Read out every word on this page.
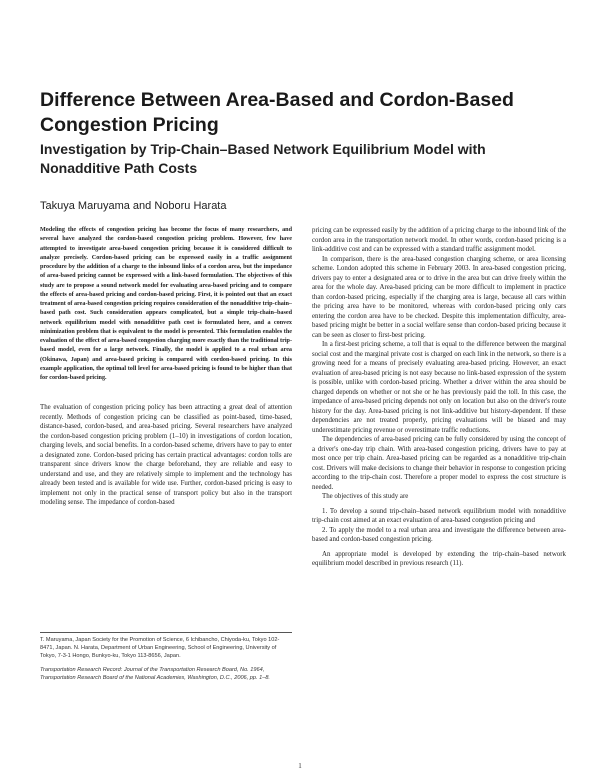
Difference Between Area-Based and Cordon-Based Congestion Pricing
Investigation by Trip-Chain–Based Network Equilibrium Model with Nonadditive Path Costs
Takuya Maruyama and Noboru Harata

Modeling the effects of congestion pricing has become the focus of many researchers, and several have analyzed the cordon-based congestion pricing problem. However, few have attempted to investigate area-based congestion pricing because it is considered difficult to analyze precisely. Cordon-based pricing can be expressed easily in a traffic assignment procedure by the addition of a charge to the inbound links of a cordon area, but the impedance of area-based pricing cannot be expressed with a link-based formulation. The objectives of this study are to propose a sound network model for evaluating area-based pricing and to compare the effects of area-based pricing and cordon-based pricing. First, it is pointed out that an exact treatment of area-based congestion pricing requires consideration of the nonadditive trip-chain–based path cost. Such consideration appears complicated, but a simple trip-chain–based network equilibrium model with nonadditive path cost is formulated here, and a convex minimization problem that is equivalent to the model is presented. This formulation enables the evaluation of the effect of area-based congestion charging more exactly than the traditional trip-based model, even for a large network. Finally, the model is applied to a real urban area (Okinawa, Japan) and area-based pricing is compared with cordon-based pricing. In this example application, the optimal toll level for area-based pricing is found to be higher than that for cordon-based pricing.

The evaluation of congestion pricing policy has been attracting a great deal of attention recently. Methods of congestion pricing can be classified as point-based, time-based, distance-based, cordon-based, and area-based pricing. Several researchers have analyzed the cordon-based congestion pricing problem (1–10) in investigations of cordon location, charging levels, and social benefits. In a cordon-based scheme, drivers have to pay to enter a designated zone. Cordon-based pricing has certain practical advantages: cordon tolls are transparent since drivers know the charge beforehand, they are reliable and easy to understand and use, and they are relatively simple to implement and the technology has already been tested and is available for wide use. Further, cordon-based pricing is easy to implement not only in the practical sense of transport policy but also in the transport modeling sense. The impedance of cordon-based

T. Maruyama, Japan Society for the Promotion of Science, 6 Ichibancho, Chiyoda-ku, Tokyo 102-8471, Japan. N. Harata, Department of Urban Engineering, School of Engineering, University of Tokyo, 7-3-1 Hongo, Bunkyo-ku, Tokyo 113-8656, Japan.

Transportation Research Record: Journal of the Transportation Research Board, No. 1964, Transportation Research Board of the National Academies, Washington, D.C., 2006, pp. 1–8.

pricing can be expressed easily by the addition of a pricing charge to the inbound link of the cordon area in the transportation network model. In other words, cordon-based pricing is a link-additive cost and can be expressed with a standard traffic assignment model.

In comparison, there is the area-based congestion charging scheme, or area licensing scheme. London adopted this scheme in February 2003. In area-based congestion pricing, drivers pay to enter a designated area or to drive in the area but can drive freely within the area for the whole day. Area-based pricing can be more difficult to implement in practice than cordon-based pricing, especially if the charging area is large, because all cars within the pricing area have to be monitored, whereas with cordon-based pricing only cars entering the cordon area have to be checked. Despite this implementation difficulty, area-based pricing might be better in a social welfare sense than cordon-based pricing because it can be seen as closer to first-best pricing.

In a first-best pricing scheme, a toll that is equal to the difference between the marginal social cost and the marginal private cost is charged on each link in the network, so there is a growing need for a means of precisely evaluating area-based pricing. However, an exact evaluation of area-based pricing is not easy because no link-based expression of the system is possible, unlike with cordon-based pricing. Whether a driver within the area should be charged depends on whether or not she or he has previously paid the toll. In this case, the impedance of area-based pricing depends not only on location but also on the driver's route history for the day. Area-based pricing is not link-additive but history-dependent. If these dependencies are not treated properly, pricing evaluations will be biased and may underestimate pricing revenue or overestimate traffic reductions.

The dependencies of area-based pricing can be fully considered by using the concept of a driver's one-day trip chain. With area-based congestion pricing, drivers have to pay at most once per trip chain. Area-based pricing can be regarded as a nonadditive trip-chain cost. Drivers will make decisions to change their behavior in response to congestion pricing according to the trip-chain cost. Therefore a proper model to express the cost structure is needed.

The objectives of this study are

1. To develop a sound trip-chain–based network equilibrium model with nonadditive trip-chain cost aimed at an exact evaluation of area-based congestion pricing and

2. To apply the model to a real urban area and investigate the difference between area-based and cordon-based congestion pricing.

An appropriate model is developed by extending the trip-chain–based network equilibrium model described in previous research (11).

1
